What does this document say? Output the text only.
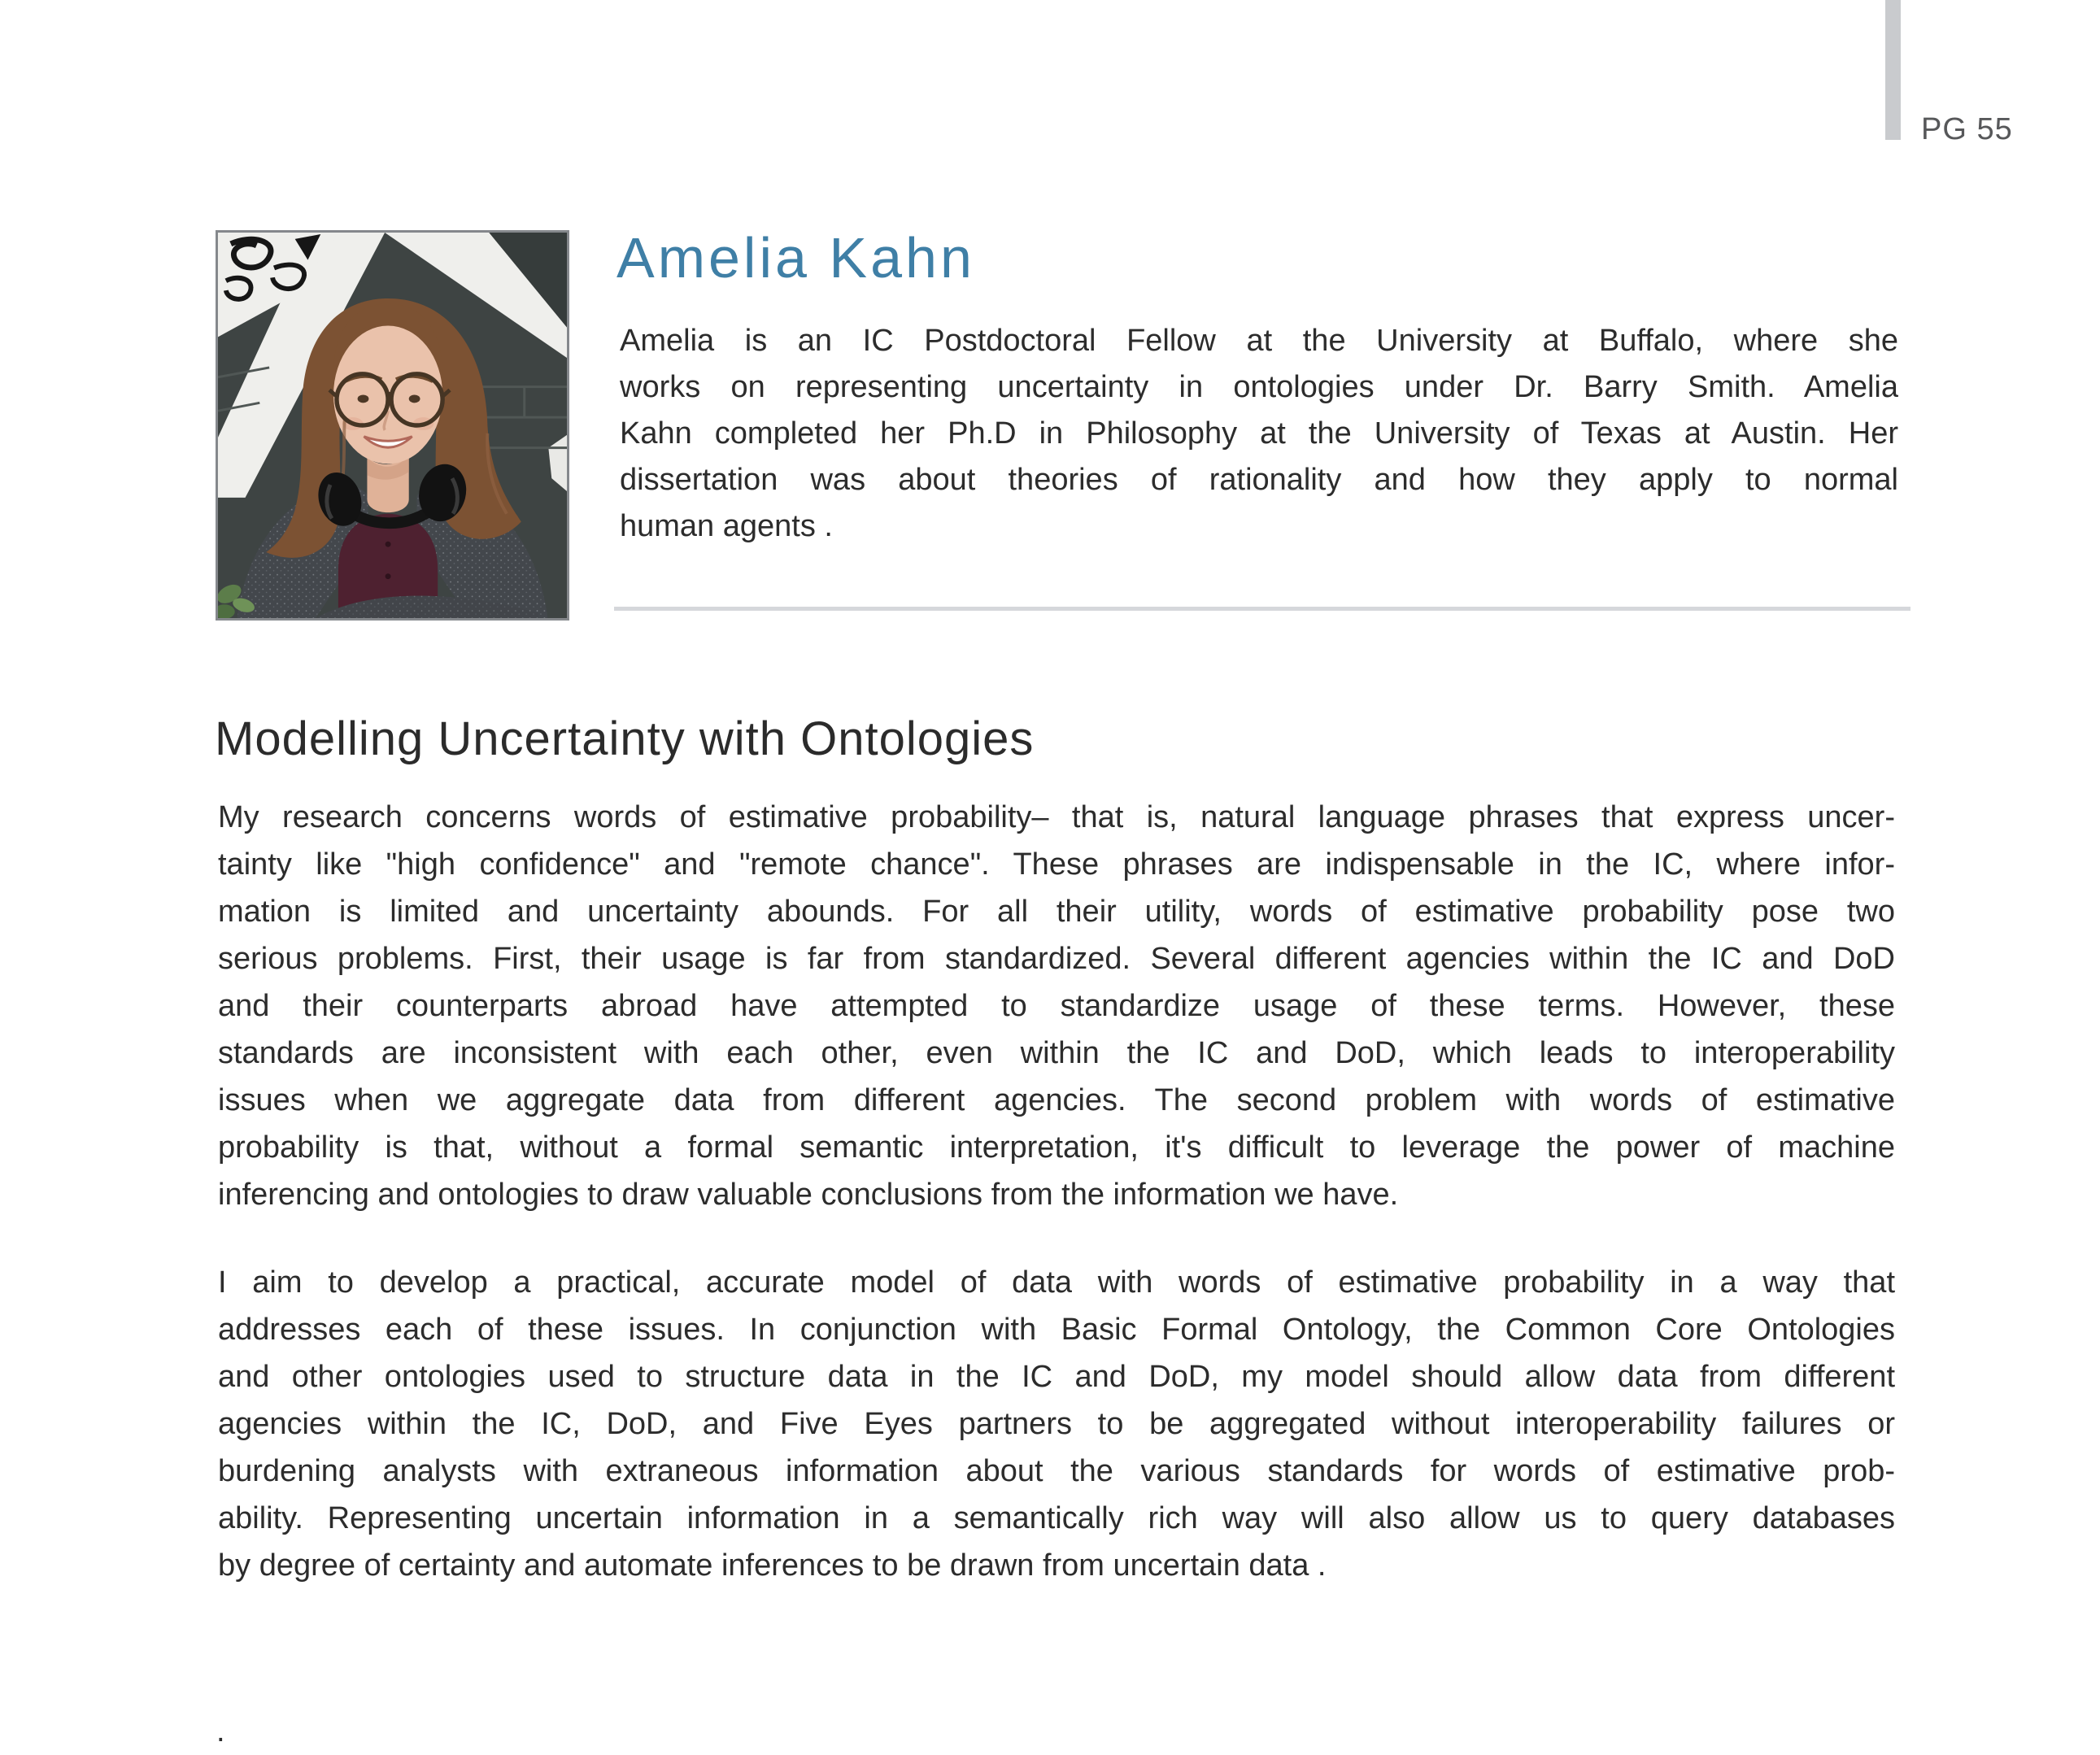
PG 55
Amelia Kahn
Amelia is an IC Postdoctoral Fellow at the University at Buffalo, where she
works on representing uncertainty in ontologies under Dr. Barry Smith. Amelia
Kahn completed her Ph.D in Philosophy at the University of Texas at Austin. Her
dissertation was about theories of rationality and how they apply to normal
human agents .
Modelling Uncertainty with Ontologies
My research concerns words of estimative probability– that is, natural language phrases that express uncer-
tainty like "high confidence" and "remote chance". These phrases are indispensable in the IC, where infor-
mation is limited and uncertainty abounds. For all their utility, words of estimative probability pose two
serious problems. First, their usage is far from standardized. Several different agencies within the IC and DoD
and their counterparts abroad have attempted to standardize usage of these terms. However, these
standards are inconsistent with each other, even within the IC and DoD, which leads to interoperability
issues when we aggregate data from different agencies. The second problem with words of estimative
probability is that, without a formal semantic interpretation, it's difficult to leverage the power of machine
inferencing and ontologies to draw valuable conclusions from the information we have.
I aim to develop a practical, accurate model of data with words of estimative probability in a way that
addresses each of these issues. In conjunction with Basic Formal Ontology, the Common Core Ontologies
and other ontologies used to structure data in the IC and DoD, my model should allow data from different
agencies within the IC, DoD, and Five Eyes partners to be aggregated without interoperability failures or
burdening analysts with extraneous information about the various standards for words of estimative prob-
ability. Representing uncertain information in a semantically rich way will also allow us to query databases
by degree of certainty and automate inferences to be drawn from uncertain data .
.
